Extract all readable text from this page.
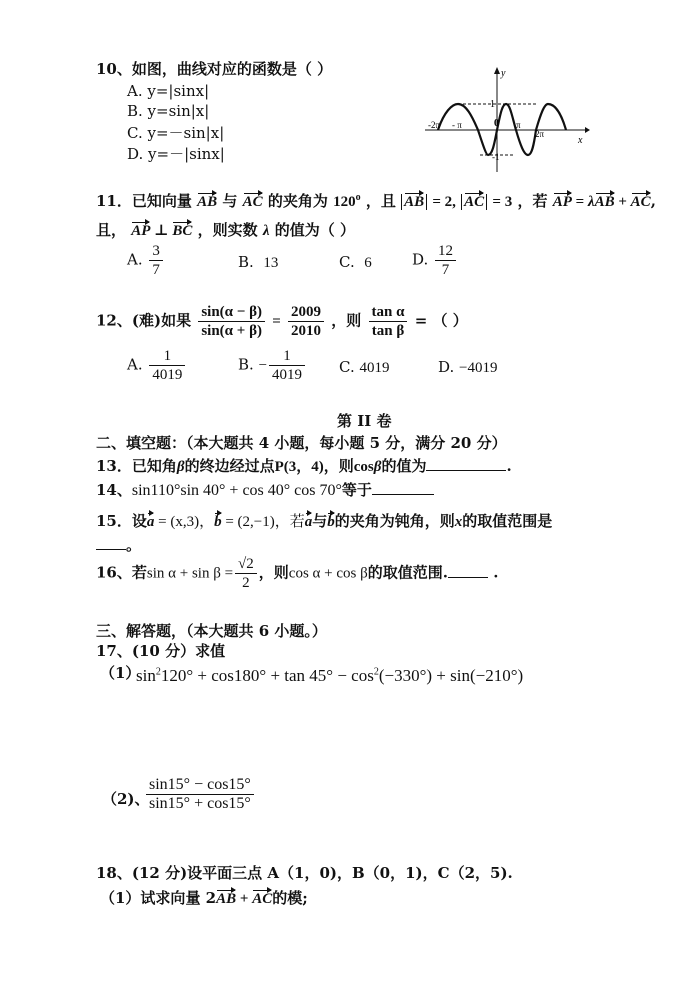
10、如图，曲线对应的函数是（ ）
A. y=|sinx|
B. y=sin|x|
C. y=－sin|x|
D. y=－|sinx|
y
x
1
0
-1
-2π - π	π
2π
11．已知向量 AB 与 AC 的夹角为 120$^o$ ，且 AB = 2, AC = 3 ，若 AP = λAB + AC,
且， AP ⊥ BC ，则实数 λ 的值为（ ）
A. $\frac{3}{7}$	B. 13	C. 6	D. $\frac{12}{7}$
12、(难)如果 $\frac{\sin(\alpha - \beta)}{\sin(\alpha + \beta)} = \frac{2009}{2010}$ ，则 $\frac{\text{tan α}}{\text{tan β}}$ = （ ）
A. $\frac{1}{4019}$	B. − $\frac{1}{4019} C$. 4019	D. −4019
第 II 卷
二、填空题：（本大题共 4 小题，每小题 5 分，满分 20 分）
13．已知角β的终边经过点P(3，4)，则cosβ的值为	.
14、sin110°sin 40° + cos 40° cos 70°等于
15．设a = (x,3)，b = (2,−1)，若a与b的夹角为钝角，则x的取值范围是
。
16、若$\sin \alpha + \sin \beta = \frac{√2}{2}$ ，则cos α + cos β的取值范围.	.
三、解答题，（本大题共 6 小题。）
17、(10 分）求值
（1）
$\sin^2120^\circ + \cos 180^\circ + \tan 45^\circ - \cos^2(-330^\circ) + \sin(-210^\circ)$
（2)、
$\frac{\sin 15^\circ - \cos 15^\circ}{\sin 15^\circ + \cos 15^\circ}$
18、(12 分)设平面三点 A（1，0)，B（0，1)，C（2，5).
（1）试求向量 2AB + AC的模;
